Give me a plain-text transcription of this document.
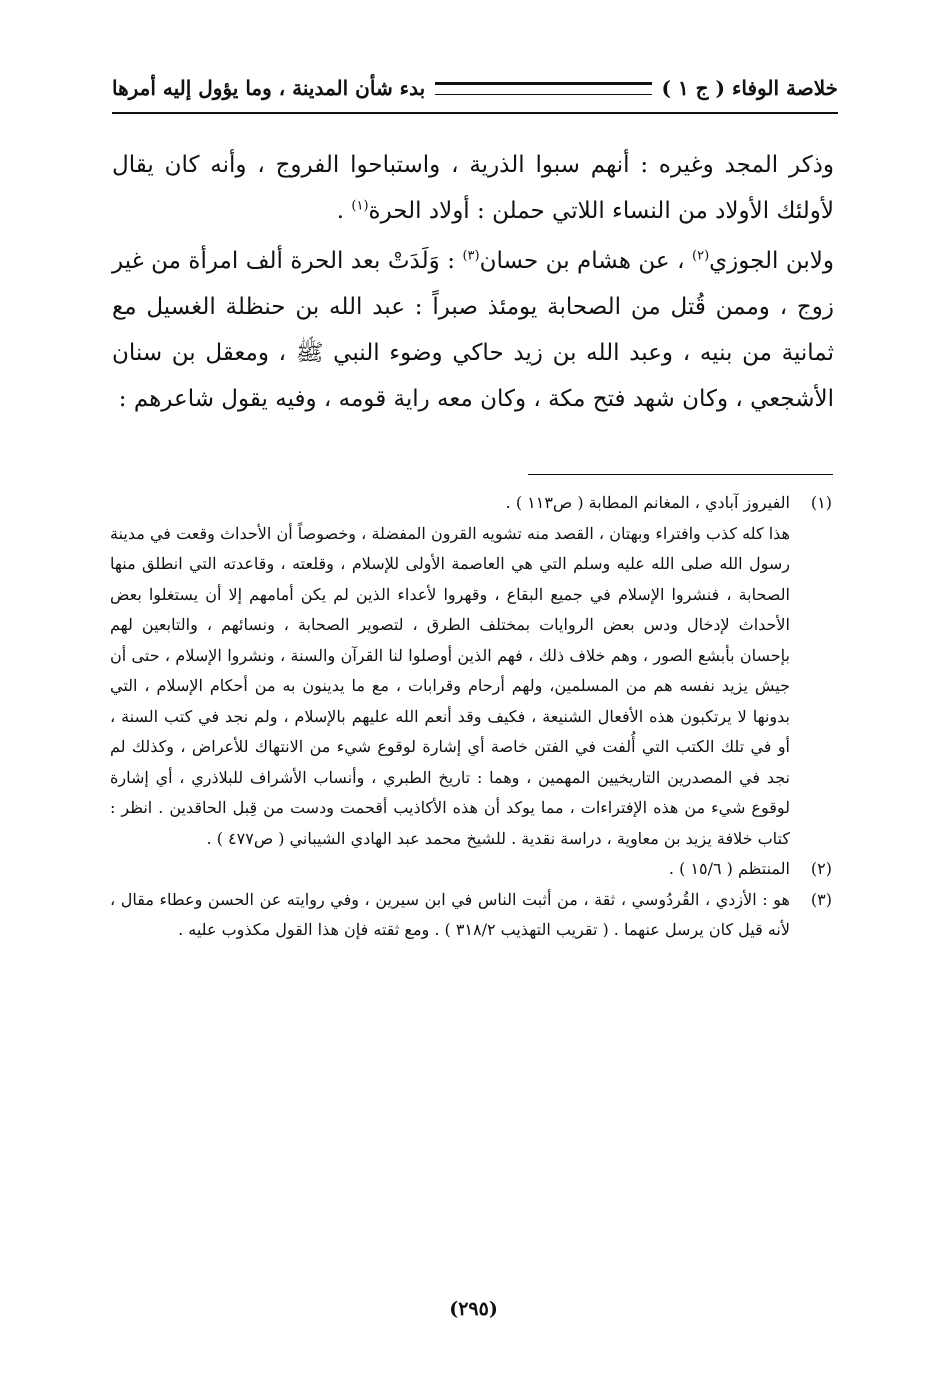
خلاصة الوفاء ( ج ١ )
بدء شأن المدينة ، وما يؤول إليه أمرها

وذكر المجد وغيره : أنهم سبوا الذرية ، واستباحوا الفروج ، وأنه كان يقال لأولئك الأولاد من النساء اللاتي حملن : أولاد الحرة$^{(١)}$ .

ولابن الجوزي$^{(٢)}$ ، عن هشام بن حسان$^{(٣)}$ : وَلَدَتْ بعد الحرة ألف امرأة من غير زوج ، وممن قُتل من الصحابة يومئذ صبراً : عبد الله بن حنظلة الغسيل مع ثمانية من بنيه ، وعبد الله بن زيد حاكي وضوء النبي ﷺ ، ومعقل بن سنان الأشجعي ، وكان شهد فتح مكة ، وكان معه راية قومه ، وفيه يقول شاعرهم :

(١)
الفيروز آبادي ، المغانم المطابة ( ص١١٣ ) .
هذا كله كذب وافتراء وبهتان ، القصد منه تشويه القرون المفضلة ، وخصوصاً أن الأحداث وقعت في مدينة رسول الله صلى الله عليه وسلم التي هي العاصمة الأولى للإسلام ، وقلعته ، وقاعدته التي انطلق منها الصحابة ، فنشروا الإسلام في جميع البقاع ، وقهروا لأعداء الذين لم يكن أمامهم إلا أن يستغلوا بعض الأحداث لإدخال ودس بعض الروايات بمختلف الطرق ، لتصوير الصحابة ، ونسائهم ، والتابعين لهم بإحسان بأبشع الصور ، وهم خلاف ذلك ، فهم الذين أوصلوا لنا القرآن والسنة ، ونشروا الإسلام ، حتى أن جيش يزيد نفسه هم من المسلمين، ولهم أرحام وقرابات ، مع ما يدينون به من أحكام الإسلام ، التي بدونها لا يرتكبون هذه الأفعال الشنيعة ، فكيف وقد أنعم الله عليهم بالإسلام ، ولم نجد في كتب السنة ، أو في تلك الكتب التي أُلفت في الفتن خاصة أي إشارة لوقوع شيء من الانتهاك للأعراض ، وكذلك لم نجد في المصدرين التاريخيين المهمين ، وهما : تاريخ الطبري ، وأنساب الأشراف للبلاذري ، أي إشارة لوقوع شيء من هذه الإفتراءات ، مما يوكد أن هذه الأكاذيب أقحمت ودست من قِبل الحاقدين . انظر : كتاب خلافة يزيد بن معاوية ، دراسة نقدية . للشيخ محمد عبد الهادي الشيباني ( ص٤٧٧ ) .
(٢)
المنتظم ( ١٥/٦ ) .
(٣)
هو : الأزدي ، القُردُوسي ، ثقة ، من أثبت الناس في ابن سيرين ، وفي روايته عن الحسن وعطاء مقال ، لأنه قيل كان يرسل عنهما . ( تقريب التهذيب ٣١٨/٢ ) . ومع ثقته فإن هذا القول مكذوب عليه .
(٢٩٥)
